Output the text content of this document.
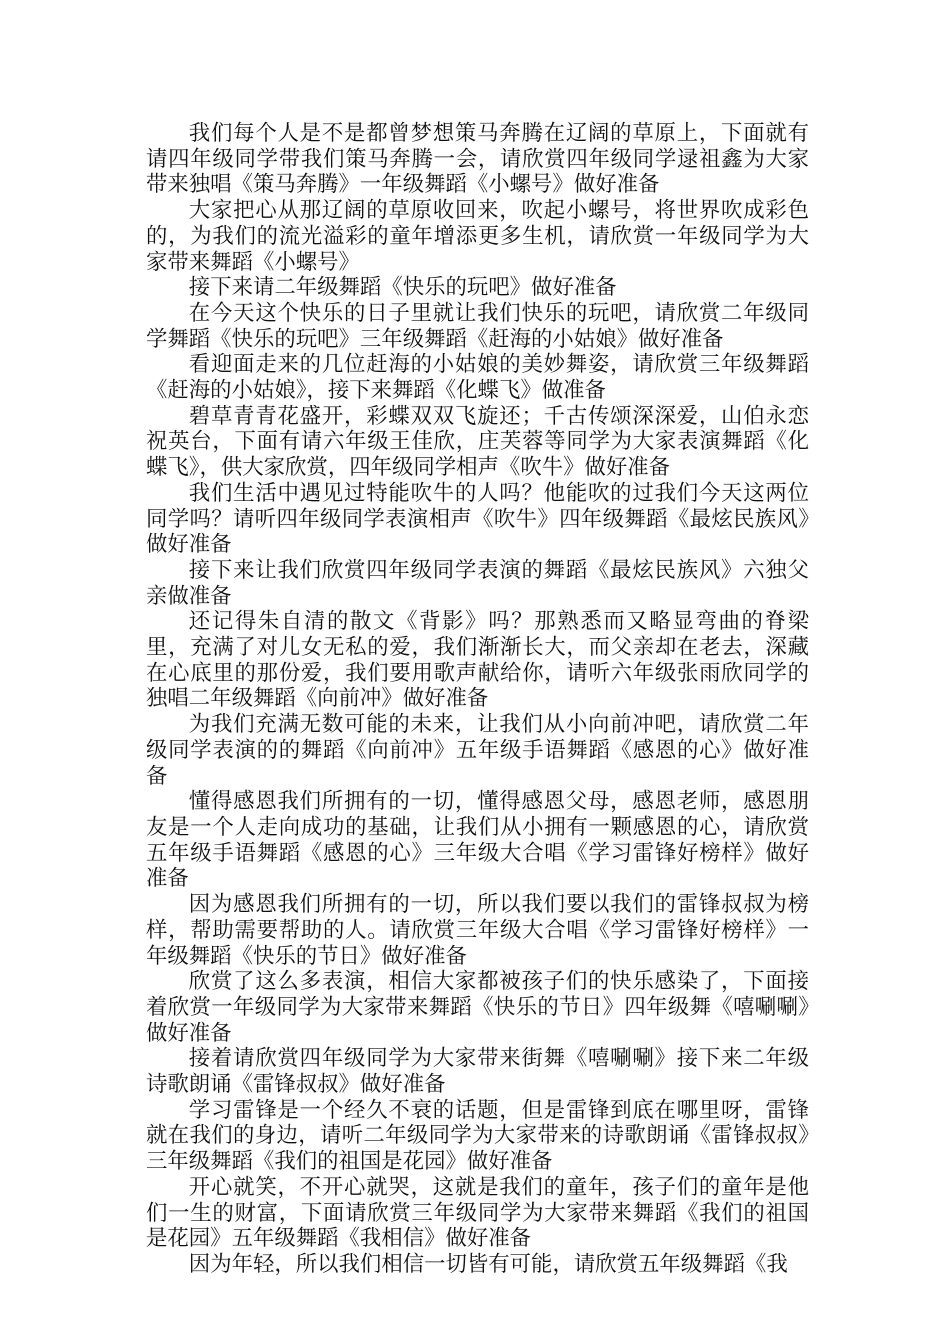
我们每个人是不是都曾梦想策马奔腾在辽阔的草原上，下面就有请四年级同学带我们策马奔腾一会，请欣赏四年级同学逯祖鑫为大家带来独唱《策马奔腾》一年级舞蹈《小螺号》做好准备

大家把心从那辽阔的草原收回来，吹起小螺号，将世界吹成彩色的，为我们的流光溢彩的童年增添更多生机，请欣赏一年级同学为大家带来舞蹈《小螺号》

接下来请二年级舞蹈《快乐的玩吧》做好准备

在今天这个快乐的日子里就让我们快乐的玩吧，请欣赏二年级同学舞蹈《快乐的玩吧》三年级舞蹈《赶海的小姑娘》做好准备

看迎面走来的几位赶海的小姑娘的美妙舞姿，请欣赏三年级舞蹈《赶海的小姑娘》，接下来舞蹈《化蝶飞》做准备

碧草青青花盛开，彩蝶双双飞旋还；千古传颂深深爱，山伯永恋祝英台，下面有请六年级王佳欣，庄芙蓉等同学为大家表演舞蹈《化蝶飞》，供大家欣赏，四年级同学相声《吹牛》做好准备

我们生活中遇见过特能吹牛的人吗？他能吹的过我们今天这两位同学吗？请听四年级同学表演相声《吹牛》四年级舞蹈《最炫民族风》做好准备

接下来让我们欣赏四年级同学表演的舞蹈《最炫民族风》六独父亲做准备

还记得朱自清的散文《背影》吗？那熟悉而又略显弯曲的脊梁里，充满了对儿女无私的爱，我们渐渐长大，而父亲却在老去，深藏在心底里的那份爱，我们要用歌声献给你，请听六年级张雨欣同学的独唱二年级舞蹈《向前冲》做好准备

为我们充满无数可能的未来，让我们从小向前冲吧，请欣赏二年级同学表演的的舞蹈《向前冲》五年级手语舞蹈《感恩的心》做好准备

懂得感恩我们所拥有的一切，懂得感恩父母，感恩老师，感恩朋友是一个人走向成功的基础，让我们从小拥有一颗感恩的心，请欣赏五年级手语舞蹈《感恩的心》三年级大合唱《学习雷锋好榜样》做好准备

因为感恩我们所拥有的一切，所以我们要以我们的雷锋叔叔为榜样，帮助需要帮助的人。请欣赏三年级大合唱《学习雷锋好榜样》一年级舞蹈《快乐的节日》做好准备

欣赏了这么多表演，相信大家都被孩子们的快乐感染了，下面接着欣赏一年级同学为大家带来舞蹈《快乐的节日》四年级舞《嘻唰唰》做好准备

接着请欣赏四年级同学为大家带来街舞《嘻唰唰》接下来二年级诗歌朗诵《雷锋叔叔》做好准备

学习雷锋是一个经久不衰的话题，但是雷锋到底在哪里呀，雷锋就在我们的身边，请听二年级同学为大家带来的诗歌朗诵《雷锋叔叔》三年级舞蹈《我们的祖国是花园》做好准备

开心就笑，不开心就哭，这就是我们的童年，孩子们的童年是他们一生的财富，下面请欣赏三年级同学为大家带来舞蹈《我们的祖国是花园》五年级舞蹈《我相信》做好准备

因为年轻，所以我们相信一切皆有可能，请欣赏五年级舞蹈《我
